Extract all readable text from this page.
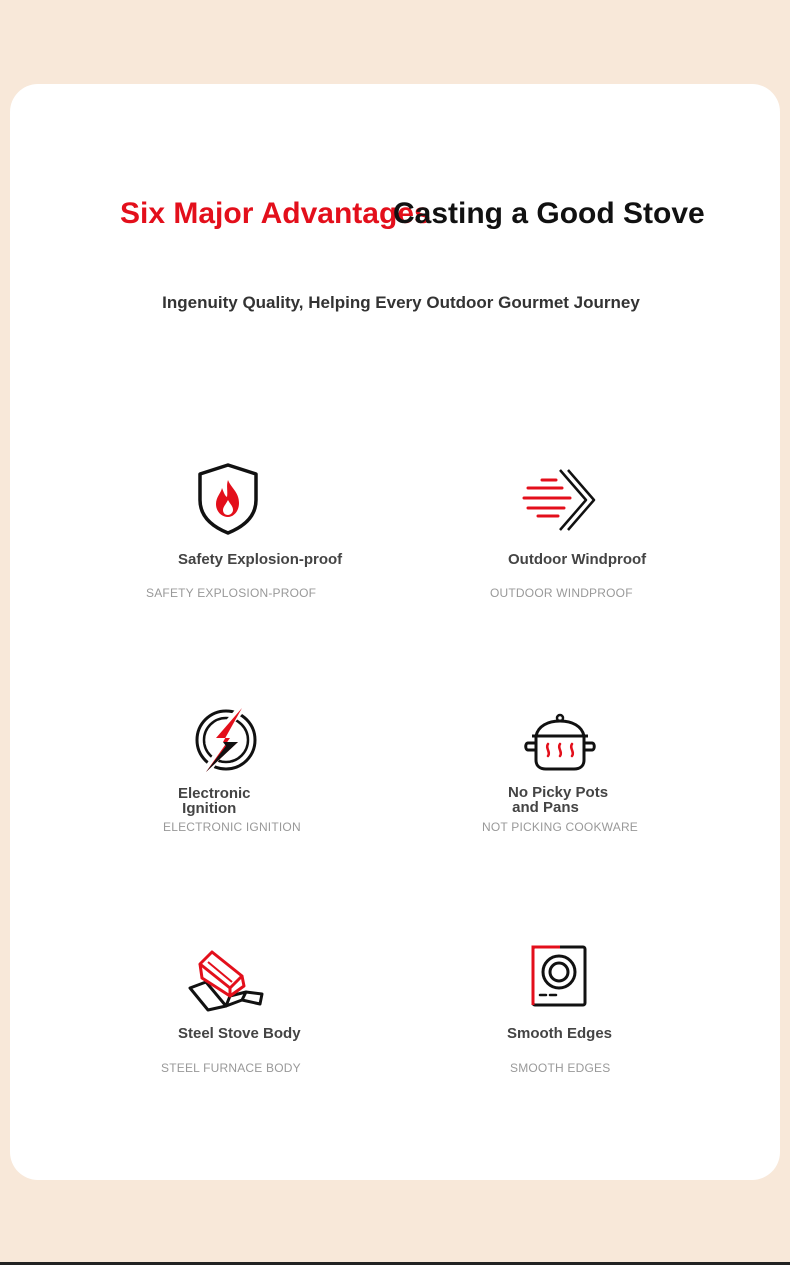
Six Major Advantages
Casting a Good Stove
Ingenuity Quality, Helping Every Outdoor Gourmet Journey
Safety Explosion-proof
SAFETY EXPLOSION-PROOF
Outdoor Windproof
OUTDOOR WINDPROOF
Electronic
Ignition
ELECTRONIC IGNITION
No Picky Pots
and Pans
NOT PICKING COOKWARE
Steel Stove Body
STEEL FURNACE BODY
Smooth Edges
SMOOTH EDGES
